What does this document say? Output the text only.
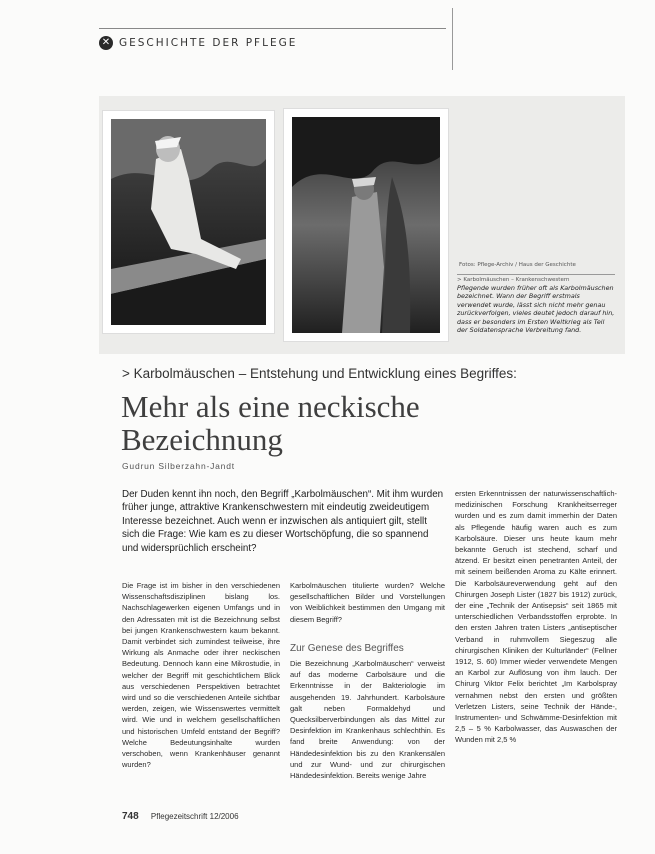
✕ GESCHICHTE DER PFLEGE
Fotos: Pflege-Archiv / Haus der Geschichte
> Karbolmäuschen – Krankenschwestern
Pflegende wurden früher oft als Karbolmäuschen bezeichnet. Wann der Begriff erstmals verwendet wurde, lässt sich nicht mehr genau zurückverfolgen, vieles deutet jedoch darauf hin, dass er besonders im Ersten Weltkrieg als Teil der Soldatensprache Verbreitung fand.
> Karbolmäuschen – Entstehung und Entwicklung eines Begriffes:
Mehr als eine neckische
Bezeichnung
Gudrun Silberzahn-Jandt
Der Duden kennt ihn noch, den Begriff „Karbolmäuschen“. Mit ihm wurden früher junge, attraktive Krankenschwestern mit eindeutig zweideutigem Interesse bezeichnet. Auch wenn er inzwischen als antiquiert gilt, stellt sich die Frage: Wie kam es zu dieser Wortschöpfung, die so spannend und widersprüchlich erscheint?
Die Frage ist im bisher in den verschiedenen Wissenschaftsdisziplinen bislang los. Nachschlagewerken eigenen Umfangs und in den Adressaten mit ist die Bezeichnung selbst bei jungen Krankenschwestern kaum bekannt. Damit verbindet sich zumindest teilweise, ihre Wirkung als Anmache oder ihrer neckischen Bedeutung. Dennoch kann eine Mikrostudie, in welcher der Begriff mit geschichtlichem Blick aus verschiedenen Perspektiven betrachtet wird und so die verschiedenen Anteile sichtbar werden, zeigen, wie Wissenswertes vermittelt wird. Wie und in welchem gesellschaftlichen und historischen Umfeld entstand der Begriff? Welche Bedeutungsinhalte wurden verschoben, wenn Krankenhäuser genannt wurden?
Karbolmäuschen titulierte wurden? Welche gesellschaftlichen Bilder und Vorstellungen von Weiblichkeit bestimmen den Umgang mit diesem Begriff?
Zur Genese des Begriffes
Die Bezeichnung „Karbolmäuschen“ verweist auf das moderne Carbolsäure und die Erkenntnisse in der Bakteriologie im ausgehenden 19. Jahrhundert. Karbolsäure galt neben Formaldehyd und Quecksilberverbindungen als das Mittel zur Desinfektion im Krankenhaus schlechthin. Es fand breite Anwendung: von der Händedesinfektion bis zu den Krankensälen und zur Wund- und zur chirurgischen Händedesinfektion. Bereits wenige Jahre
ersten Erkenntnissen der naturwissenschaftlich-medizinischen Forschung Krankheitserreger wurden und es zum damit immerhin der Daten als Pflegende häufig waren auch es zum Karbolsäure. Dieser uns heute kaum mehr bekannte Geruch ist stechend, scharf und ätzend. Er besitzt einen penetranten Anteil, der mit seinem beißenden Aroma zu Kälte erinnert. Die Karbolsäureverwendung geht auf den Chirurgen Joseph Lister (1827 bis 1912) zurück, der eine „Technik der Antisepsis“ seit 1865 mit unterschiedlichen Verbandsstoffen erprobte. In den ersten Jahren traten Listers „antiseptischer Verband in ruhmvollem Siegeszug alle chirurgischen Kliniken der Kulturländer“ (Fellner 1912, S. 60) Immer wieder verwendete Mengen an Karbol zur Auflösung von ihm lauch. Der Chirurg Viktor Felix berichtet „Im Karbolspray vernahmen nebst den ersten und größten Verletzen Listers, seine Technik der Hände-, Instrumenten- und Schwämme-Desinfektion mit 2,5 – 5 % Karbolwasser, das Auswaschen der Wunden mit 2,5 %
748 Pflegezeitschrift 12/2006
